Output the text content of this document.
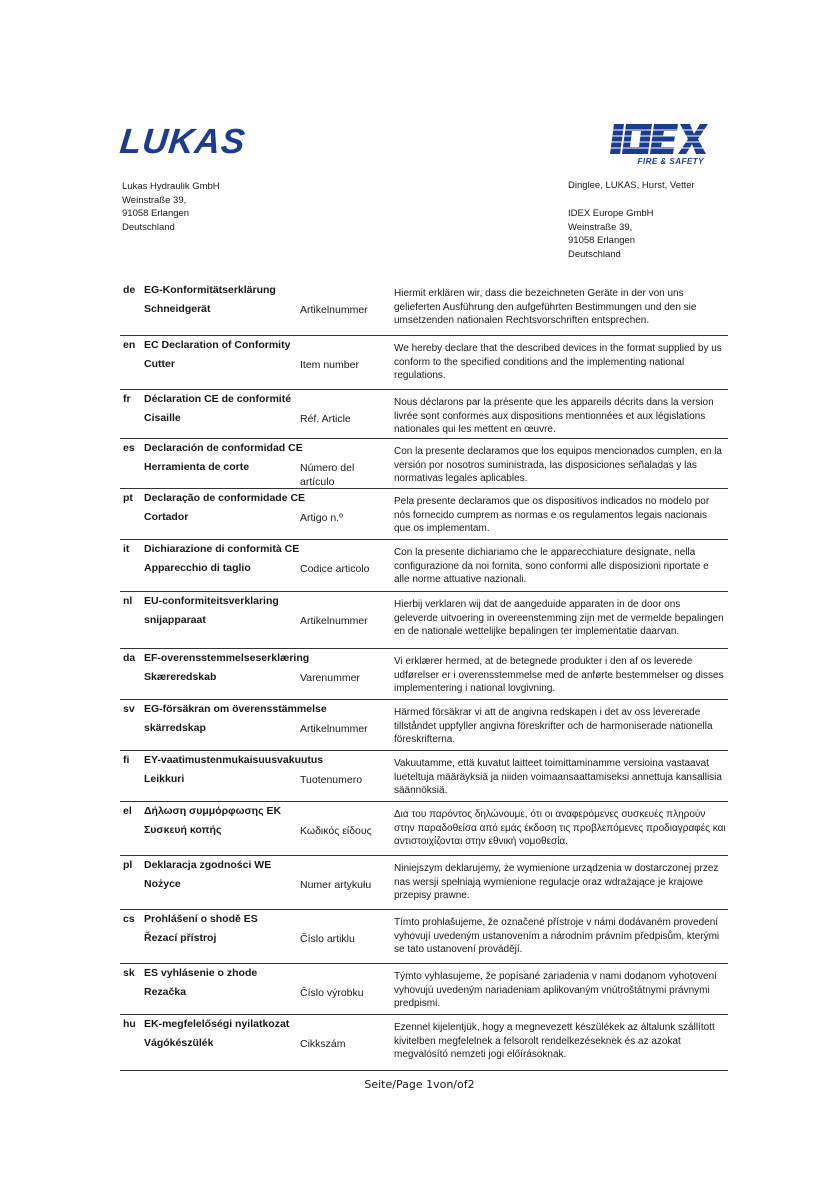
LUKAS
FIRE & SAFETY
Lukas Hydraulik GmbH
Weinstraße 39,
91058 Erlangen
Deutschland
Dinglee, LUKAS, Hurst, Vetter
IDEX Europe GmbH
Weinstraße 39,
91058 Erlangen
Deutschland
de EG-Konformitätserklärung
Schneidgerät	Artikelnummer
Hiermit erklären wir, dass die bezeichneten Geräte in der von uns gelieferten Ausführung den aufgeführten Bestimmungen und den sie umsetzenden nationalen Rechtsvorschriften entsprechen.
en EC Declaration of Conformity
Cutter	Item number
We hereby declare that the described devices in the format supplied by us conform to the specified conditions and the implementing national regulations.
fr Déclaration CE de conformité
Cisaille	Réf. Article
Nous déclarons par la présente que les appareils décrits dans la version livrée sont conformes aux dispositions mentionnées et aux législations nationales qui les mettent en œuvre.
es Declaración de conformidad CE
Herramienta de corte	Número del artículo
Con la presente declaramos que los equipos mencionados cumplen, en la versión por nosotros suministrada, las disposiciones señaladas y las normativas legales aplicables.
pt Declaração de conformidade CE
Cortador	Artigo n.º
Pela presente declaramos que os dispositivos indicados no modelo por nós fornecido cumprem as normas e os regulamentos legais nacionais que os implementam.
it Dichiarazione di conformità CE
Apparecchio di taglio	Codice articolo
Con la presente dichiariamo che le apparecchiature designate, nella configurazione da noi fornita, sono conformi alle disposizioni riportate e alle norme attuative nazionali.
nl EU-conformiteitsverklaring
snijapparaat	Artikelnummer
Hierbij verklaren wij dat de aangeduide apparaten in de door ons geleverde uitvoering in overeenstemming zijn met de vermelde bepalingen en de nationale wettelijke bepalingen ter implementatie daarvan.
da EF-overensstemmelseserklæring
Skæreredskab	Varenummer
Vi erklærer hermed, at de betegnede produkter i den af os leverede udførelser er i overensstemmelse med de anførte bestemmelser og disses implementering i national lovgivning.
sv EG-försäkran om överensstämmelse
skärredskap	Artikelnummer
Härmed försäkrar vi att de angivna redskapen i det av oss levererade tillståndet uppfyller angivna föreskrifter och de harmoniserade nationella föreskrifterna.
fi EY-vaatimustenmukaisuusvakuutus
Leikkuri	Tuotenumero
Vakuutamme, että kuvatut laitteet toimittaminamme versioina vastaavat lueteltuja määräyksiä ja niiden voimaansaattamiseksi annettuja kansallisia säännöksiä.
el Δήλωση συμμόρφωσης ΕΚ
Συσκευή κοπής	Κωδικός είδους
Δια του παρόντος δηλώνουμε, ότι οι αναφερόμενες συσκευές πληρούν στην παραδοθείσα από εμάς έκδοση τις προβλεπόμενες προδιαγραφές και αντιστοιχίζονται στην εθνική νομοθεσία.
pl Deklaracja zgodności WE
Nożyce	Numer artykułu
Niniejszym deklarujemy, że wymienione urządzenia w dostarczonej przez nas wersji spełniają wymienione regulacje oraz wdrażające je krajowe przepisy prawne.
cs Prohlášení o shodě ES
Řezací přístroj	Číslo artiklu
Tímto prohlašujeme, že označené přístroje v námi dodávaném provedení vyhovují uvedeným ustanovením a národním právním předpisům, kterými se tato ustanovení provádějí.
sk ES vyhlásenie o zhode
Rezačka	Číslo výrobku
Týmto vyhlasujeme, že popísané zariadenia v nami dodanom vyhotovení vyhovujú uvedeným nariadeniam aplikovaným vnútroštátnymi právnymi predpismi.
hu EK-megfelelőségi nyilatkozat
Vágókészülék	Cikkszám
Ezennel kijelentjük, hogy a megnevezett készülékek az általunk szállított kivitelben megfelelnek a felsorolt rendelkezéseknek és az azokat megvalósító nemzeti jogi előírásoknak.
Seite/Page 1von/of2
